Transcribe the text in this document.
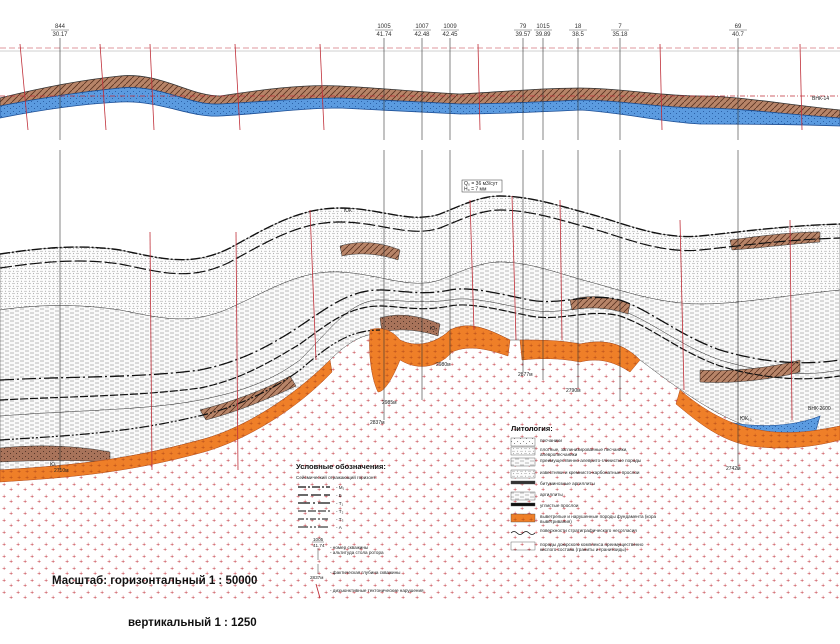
844
30.17
1005
41.74
1007
42.48
1009
42.45
79
39.57
1015
39.89
18
38.5
7
35.18
69
40.7
2710м
2837м
2985м
2980м
2877м
2790м
2742м
ВНК-14
ВНК-2600
Ю₁
Ю₂
ЮК
ЮК₁₀
Q₀ = 36 м3/сут
H₀ = 7 мм
Условные обозначения:
Сейсмический отражающий горизонт:
- М₁
- Б
- Т₁
- Т₂
- Т₃
- А
1005
41.74 - номер скважины
- альтитуда стола ротора
2837м
- фактическая глубина скважины
- дизъюнктивные тектонические нарушения
Литология:
песчаники
плотные, заглинизированные песчаники,
алевропесчаники
преимущественно алеврито-глинистые породы
известняки и кремнисто-карбонатные прослои
битуминозные аргиллиты
аргиллиты
углистые прослои
выветрелые и нарушенные породы фундамента (кора
выветривания)
поверхности стратиграфического несогласия
породы доюрского комплекса преимущественно
кислого состава (граниты и гранитоиды)

Масштаб: горизонтальный 1 : 50000

вертикальный 1 : 1250
